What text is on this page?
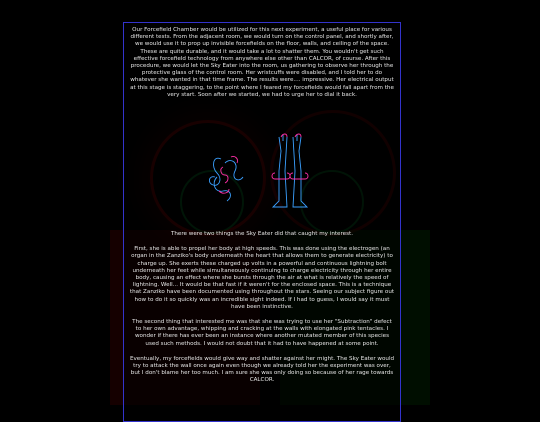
Our Forcefield Chamber would be utilized for this next experiment, a useful place for various different tests. From the adjacent room, we would turn on the control panel, and shortly after, we would use it to prop up invisible forcefields on the floor, walls, and ceiling of the space. These are quite durable, and it would take a lot to shatter them. You wouldn't get such effective forcefield technology from anywhere else other than CALCOR, of course. After this procedure, we would let the Sky Eater into the room, us gathering to observe her through the protective glass of the control room. Her wristcuffs were disabled, and I told her to do whatever she wanted in that time frame. The results were.... impressive. Her electrical output at this stage is staggering, to the point where I feared my forcefields would fall apart from the very start. Soon after we started, we had to urge her to dial it back.

There were two things the Sky Eater did that caught my interest.

First, she is able to propel her body at high speeds. This was done using the electrogen (an organ in the Zanziko's body underneath the heart that allows them to generate electricity) to charge up. She exerts these charged up volts in a powerful and continuous lightning bolt underneath her feet while simultaneously continuing to charge electricity through her entire body, causing an effect where she bursts through the air at what is relatively the speed of lightning. Well... It would be that fast if it weren't for the enclosed space. This is a technique that Zanziko have been documented using throughout the stars. Seeing our subject figure out how to do it so quickly was an incredible sight indeed. If I had to guess, I would say it must have been instinctive.

The second thing that interested me was that she was trying to use her "Subtraction" defect to her own advantage, whipping and cracking at the walls with elongated pink tentacles. I wonder if there has ever been an instance where another mutated member of this species used such methods. I would not doubt that it had to have happened at some point.

Eventually, my forcefields would give way and shatter against her might. The Sky Eater would try to attack the wall once again even though we already told her the experiment was over, but I don't blame her too much. I am sure she was only doing so because of her rage towards CALCOR.
